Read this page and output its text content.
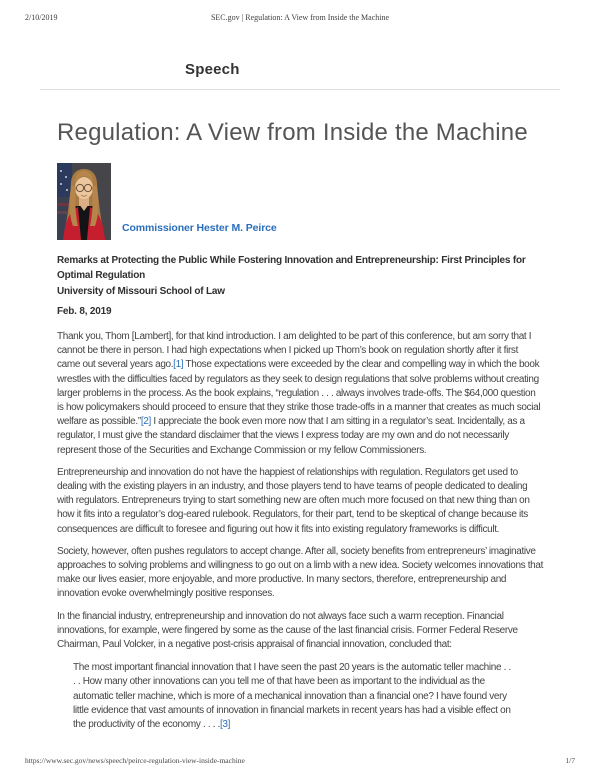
2/10/2019	SEC.gov | Regulation: A View from Inside the Machine
Speech
Regulation: A View from Inside the Machine
Commissioner Hester M. Peirce
Remarks at Protecting the Public While Fostering Innovation and Entrepreneurship: First Principles for Optimal Regulation
University of Missouri School of Law

Feb. 8, 2019

Thank you, Thom [Lambert], for that kind introduction. I am delighted to be part of this conference, but am sorry that I cannot be there in person. I had high expectations when I picked up Thom’s book on regulation shortly after it first came out several years ago.[1] Those expectations were exceeded by the clear and compelling way in which the book wrestles with the difficulties faced by regulators as they seek to design regulations that solve problems without creating larger problems in the process. As the book explains, “regulation . . . always involves trade-offs. The $64,000 question is how policymakers should proceed to ensure that they strike those trade-offs in a manner that creates as much social welfare as possible.”[2] I appreciate the book even more now that I am sitting in a regulator’s seat. Incidentally, as a regulator, I must give the standard disclaimer that the views I express today are my own and do not necessarily represent those of the Securities and Exchange Commission or my fellow Commissioners.

Entrepreneurship and innovation do not have the happiest of relationships with regulation. Regulators get used to dealing with the existing players in an industry, and those players tend to have teams of people dedicated to dealing with regulators. Entrepreneurs trying to start something new are often much more focused on that new thing than on how it fits into a regulator’s dog-eared rulebook. Regulators, for their part, tend to be skeptical of change because its consequences are difficult to foresee and figuring out how it fits into existing regulatory frameworks is difficult.

Society, however, often pushes regulators to accept change. After all, society benefits from entrepreneurs’ imaginative approaches to solving problems and willingness to go out on a limb with a new idea. Society welcomes innovations that make our lives easier, more enjoyable, and more productive. In many sectors, therefore, entrepreneurship and innovation evoke overwhelmingly positive responses.

In the financial industry, entrepreneurship and innovation do not always face such a warm reception. Financial innovations, for example, were fingered by some as the cause of the last financial crisis. Former Federal Reserve Chairman, Paul Volcker, in a negative post-crisis appraisal of financial innovation, concluded that:

The most important financial innovation that I have seen the past 20 years is the automatic teller machine . . . . How many other innovations can you tell me of that have been as important to the individual as the automatic teller machine, which is more of a mechanical innovation than a financial one? I have found very little evidence that vast amounts of innovation in financial markets in recent years has had a visible effect on the productivity of the economy . . . .[3]
https://www.sec.gov/news/speech/peirce-regulation-view-inside-machine	1/7
